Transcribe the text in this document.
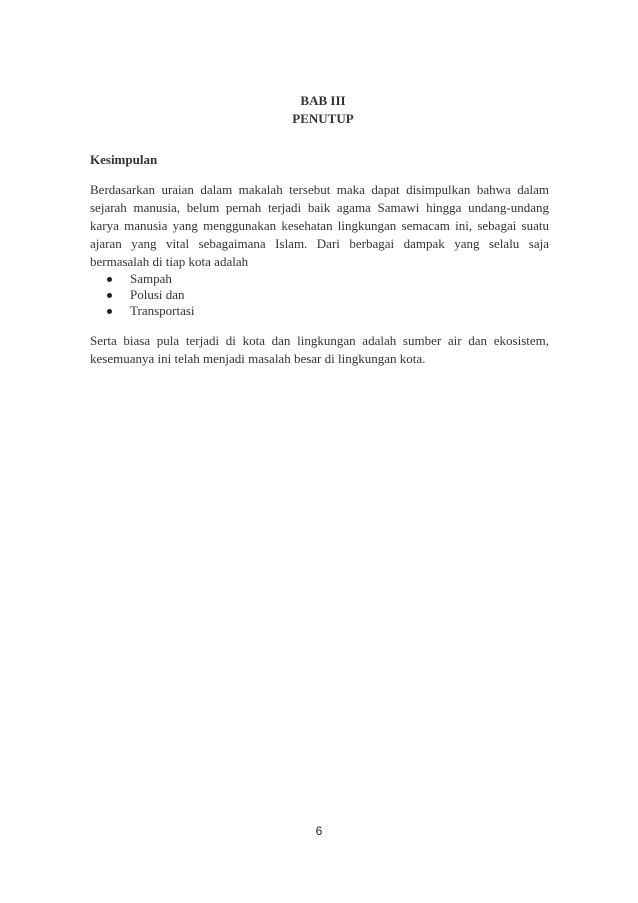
BAB III
PENUTUP
Kesimpulan
Berdasarkan uraian dalam makalah tersebut maka dapat disimpulkan bahwa dalam sejarah manusia, belum pernah terjadi baik agama Samawi hingga undang-undang karya manusia yang menggunakan kesehatan lingkungan semacam ini, sebagai suatu ajaran yang vital sebagaimana Islam. Dari berbagai dampak yang selalu saja bermasalah di tiap kota adalah
Sampah
Polusi dan
Transportasi
Serta biasa pula terjadi di kota dan lingkungan adalah sumber air dan ekosistem, kesemuanya ini telah menjadi masalah besar di lingkungan kota.
6
